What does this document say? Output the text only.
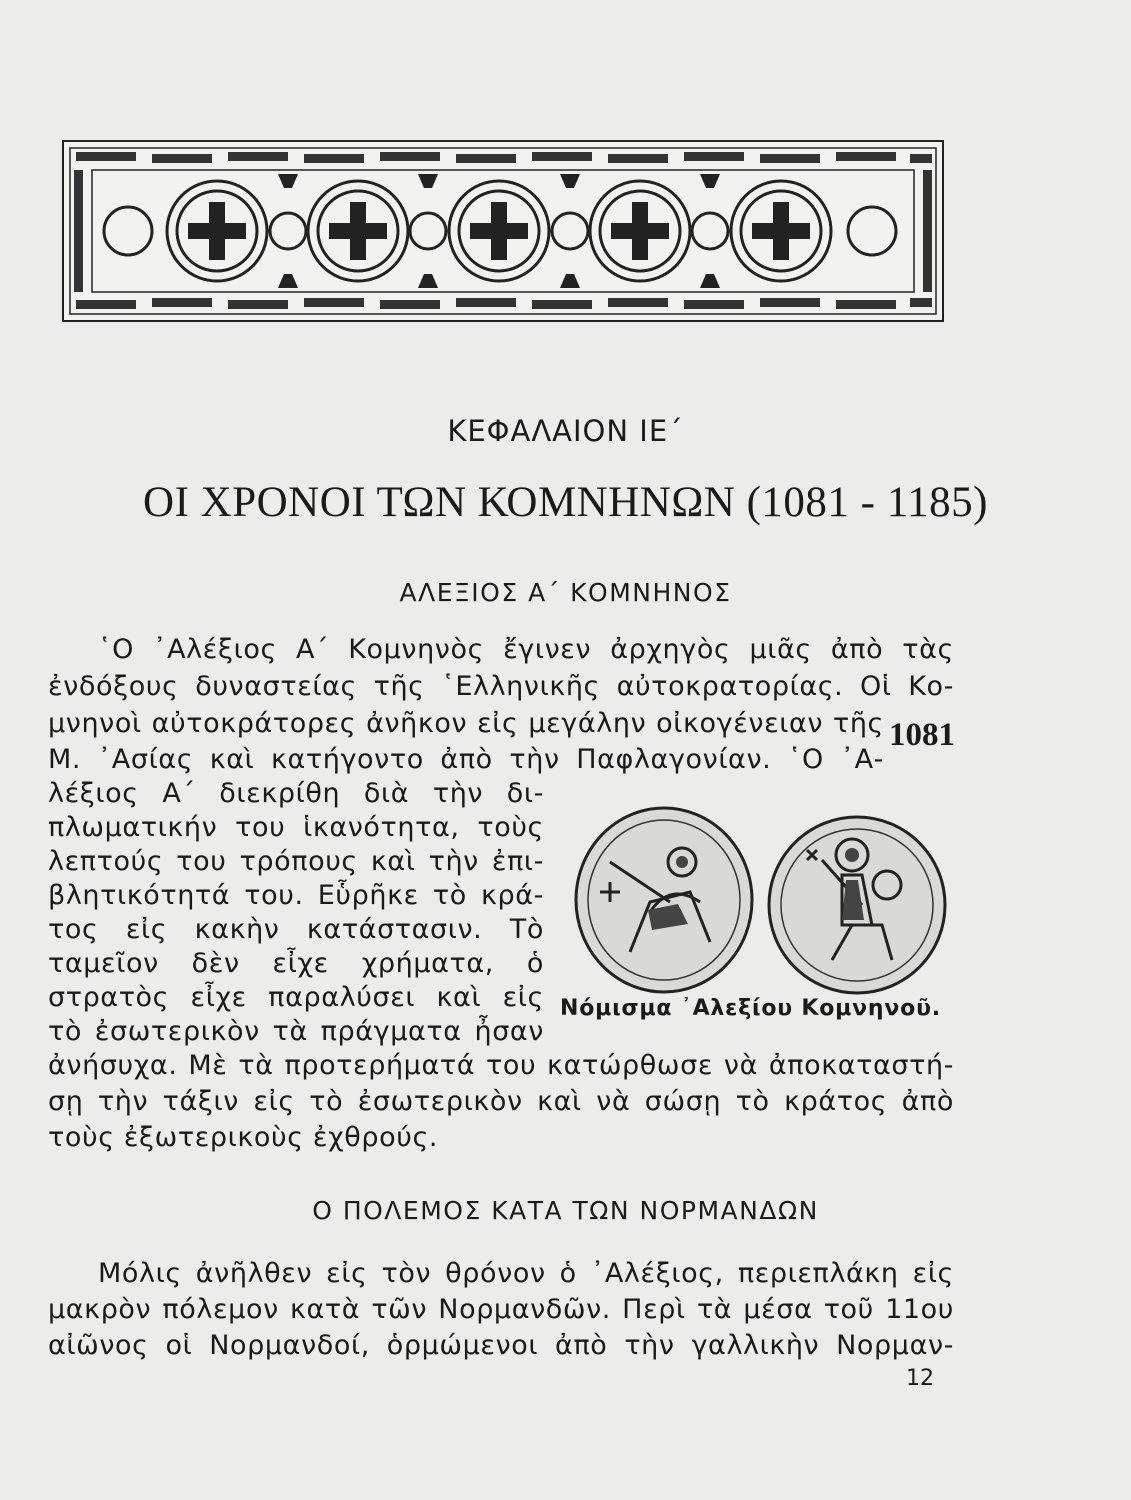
ΚΕΦΑΛΑΙΟΝ ΙΕ΄
ΟΙ ΧΡΟΝΟΙ ΤΩΝ ΚΟΜΝΗΝΩΝ (1081 - 1185)
ΑΛΕΞΙΟΣ Α΄ ΚΟΜΝΗΝΟΣ
῾Ο ᾿Αλέξιος Α΄ Κομνηνὸς ἔγινεν ἀρχηγὸς μιᾶς ἀπὸ τὰς
ἐνδόξους δυναστείας τῆς ῾Ελληνικῆς αὐτοκρατορίας. Οἱ Κο-
μνηνοὶ αὐτοκράτορες ἀνῆκον εἰς μεγάλην οἰκογένειαν τῆς
Μ. ᾿Ασίας καὶ κατήγοντο ἀπὸ τὴν Παφλαγονίαν. ῾Ο ᾿Α-
1081
λέξιος Α΄ διεκρίθη διὰ τὴν δι-
πλωματικήν του ἱκανότητα, τοὺς
λεπτούς του τρόπους καὶ τὴν ἐπι-
βλητικότητά του. Εὗρῆκε τὸ κρά-
τος εἰς κακὴν κατάστασιν. Τὸ
ταμεῖον δὲν εἶχε χρήματα, ὁ
στρατὸς εἶχε παραλύσει καὶ εἰς
τὸ ἐσωτερικὸν τὰ πράγματα ἦσαν
ἀνήσυχα. Μὲ τὰ προτερήματά του κατώρθωσε νὰ ἀποκαταστή-
σῃ τὴν τάξιν εἰς τὸ ἐσωτερικὸν καὶ νὰ σώσῃ τὸ κράτος ἀπὸ
τοὺς ἐξωτερικοὺς ἐχθρούς.
Νόμισμα ᾿Αλεξίου Κομνηνοῦ.
Ο ΠΟΛΕΜΟΣ ΚΑΤΑ ΤΩΝ ΝΟΡΜΑΝΔΩΝ
Μόλις ἀνῆλθεν εἰς τὸν θρόνον ὁ ᾿Αλέξιος, περιεπλάκη εἰς
μακρὸν πόλεμον κατὰ τῶν Νορμανδῶν. Περὶ τὰ μέσα τοῦ 11ου
αἰῶνος οἱ Νορμανδοί, ὁρμώμενοι ἀπὸ τὴν γαλλικὴν Νορμαν-
12
